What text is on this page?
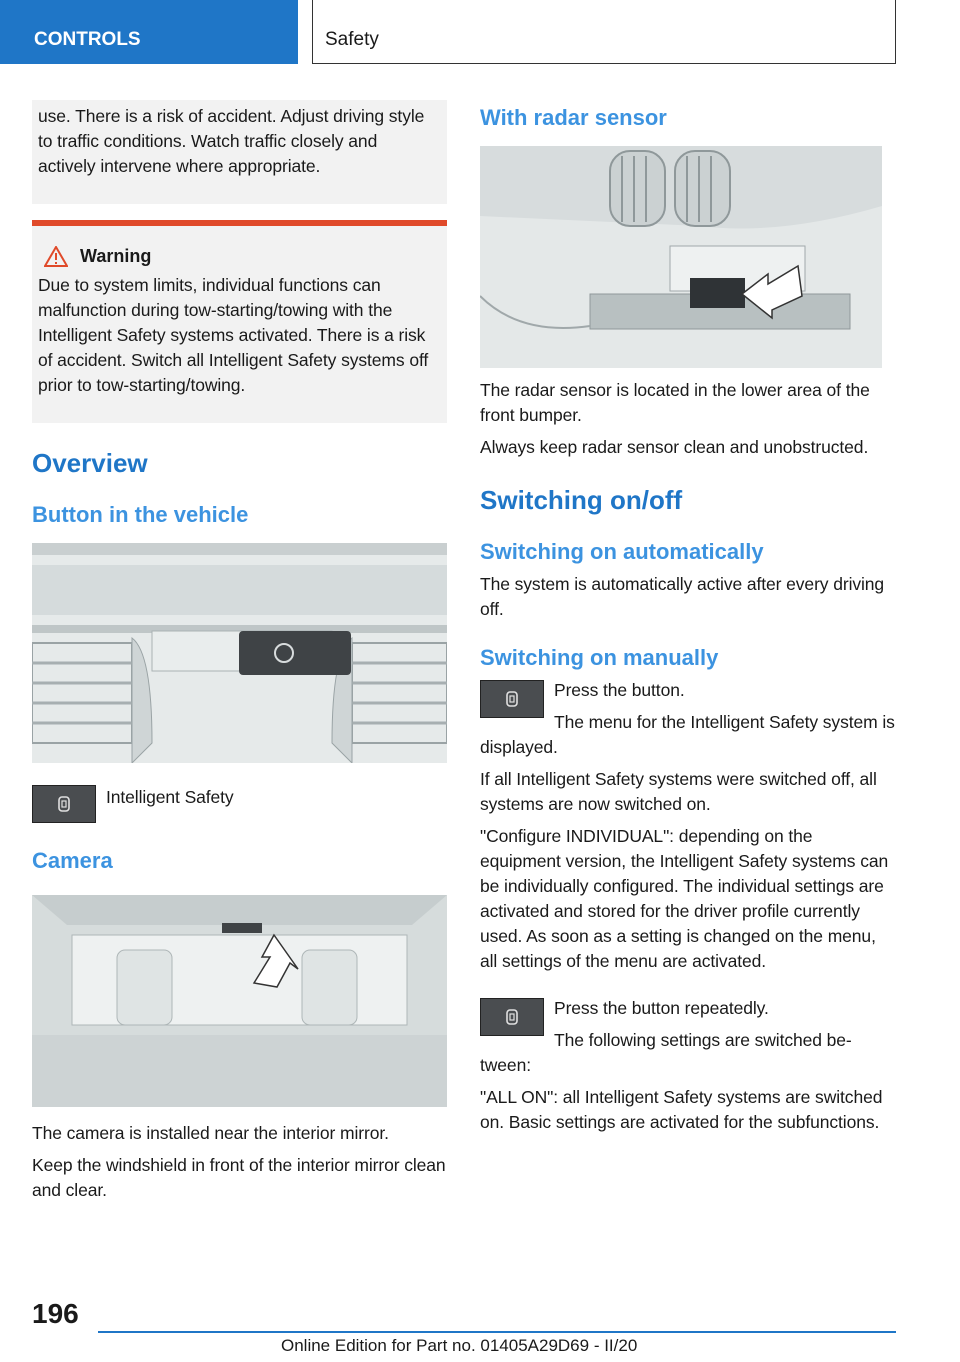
CONTROLS	Safety

use. There is a risk of accident. Adjust driving style to traffic conditions. Watch traffic closely and actively intervene where appropriate.

Warning

Due to system limits, individual functions can malfunction during tow-starting/towing with the Intelligent Safety systems activated. There is a risk of accident. Switch all Intelligent Safety systems off prior to tow-starting/towing.

Overview
Button in the vehicle

Intelligent Safety

Camera

The camera is installed near the interior mirror.

Keep the windshield in front of the interior mirror clean and clear.

With radar sensor

The radar sensor is located in the lower area of the front bumper.

Always keep radar sensor clean and unobstructed.

Switching on/off
Switching on automatically

The system is automatically active after every driving off.

Switching on manually

Press the button.

The menu for the Intelligent Safety system is displayed.

If all Intelligent Safety systems were switched off, all systems are now switched on.

"Configure INDIVIDUAL": depending on the equipment version, the Intelligent Safety systems can be individually configured. The individual settings are activated and stored for the driver profile currently used. As soon as a setting is changed on the menu, all settings of the menu are activated.

Press the button repeatedly.

The following settings are switched between:

"ALL ON": all Intelligent Safety systems are switched on. Basic settings are activated for the subfunctions.

196
Online Edition for Part no. 01405A29D69 - II/20
